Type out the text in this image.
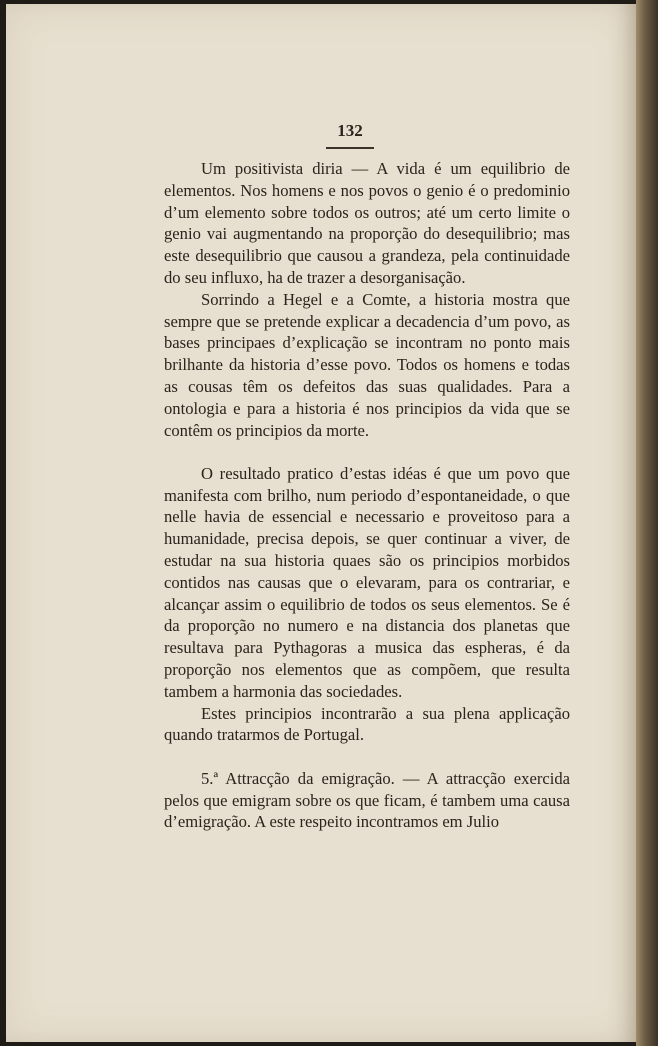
132

Um positivista diria — A vida é um equilibrio de elementos. Nos homens e nos povos o genio é o predominio d’um elemento sobre todos os outros; até um certo limite o genio vai augmentando na proporção do desequilibrio; mas este desequilibrio que causou a grandeza, pela continuidade do seu influxo, ha de trazer a desorganisação.

Sorrindo a Hegel e a Comte, a historia mostra que sempre que se pretende explicar a decadencia d’um povo, as bases principaes d’explicação se incontram no ponto mais brilhante da historia d’esse povo. Todos os homens e todas as cousas têm os defeitos das suas qualidades. Para a ontologia e para a historia é nos principios da vida que se contêm os principios da morte.

O resultado pratico d’estas idéas é que um povo que manifesta com brilho, num periodo d’espontaneidade, o que nelle havia de essencial e necessario e proveitoso para a humanidade, precisa depois, se quer continuar a viver, de estudar na sua historia quaes são os principios morbidos contidos nas causas que o elevaram, para os contrariar, e alcançar assim o equilibrio de todos os seus elementos. Se é da proporção no numero e na distancia dos planetas que resultava para Pythagoras a musica das espheras, é da proporção nos elementos que as compõem, que resulta tambem a harmonia das sociedades.

Estes principios incontrarão a sua plena applicação quando tratarmos de Portugal.

5.ª Attracção da emigração. — A attracção exercida pelos que emigram sobre os que ficam, é tambem uma causa d’emigração. A este respeito incontramos em Julio
